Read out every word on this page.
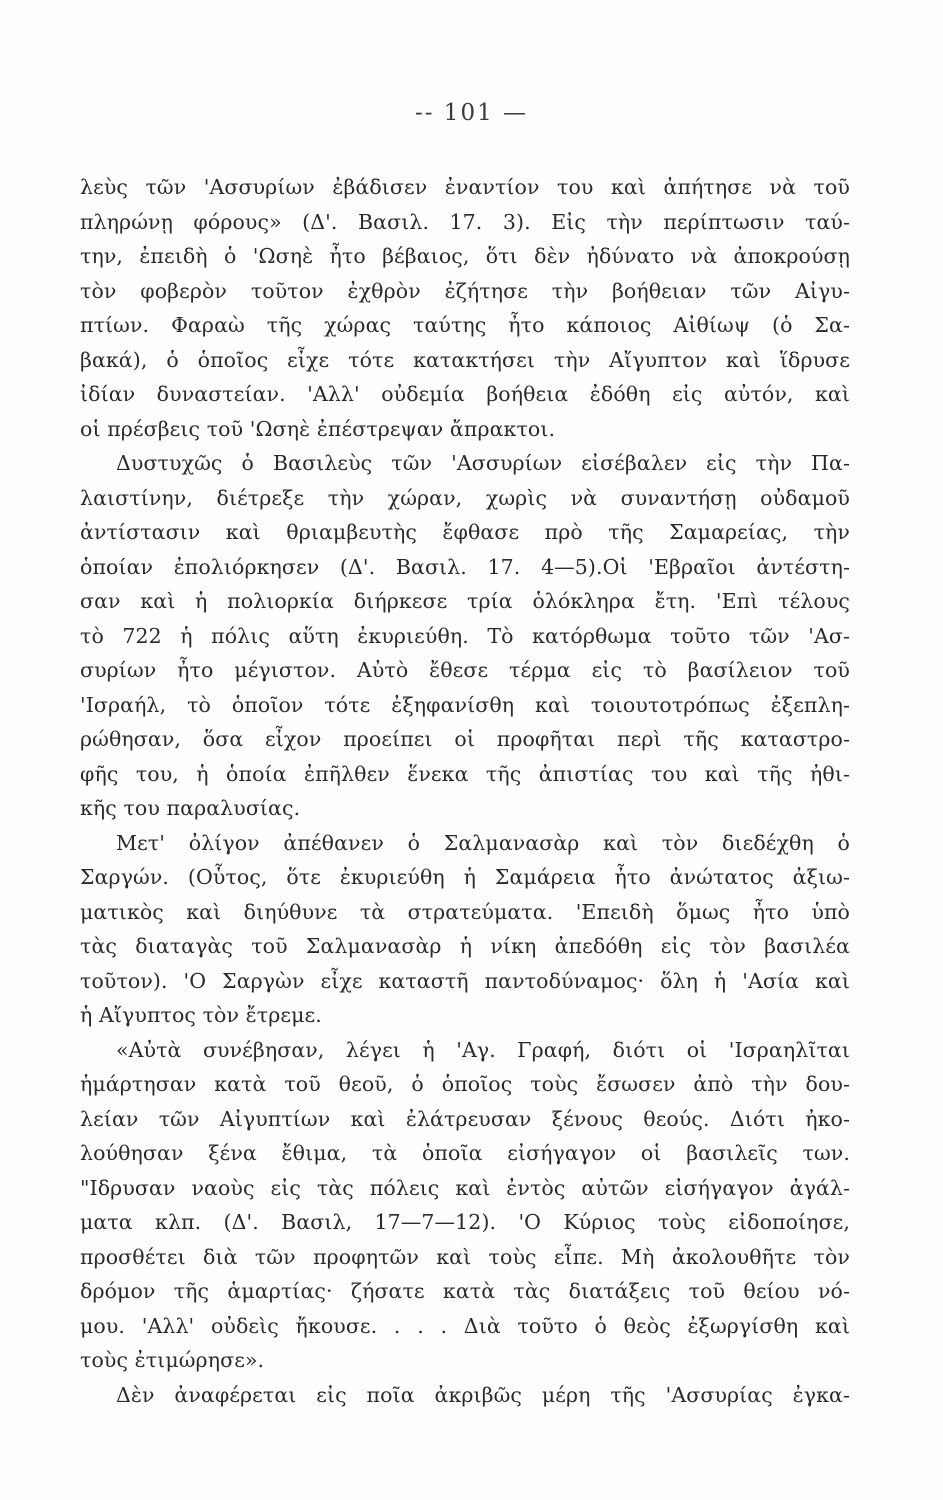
-- 101 —
λεὺς τῶν 'Ασσυρίων ἐβάδισεν ἐναντίον του καὶ ἀπήτησε νὰ τοῦ
πληρώνῃ φόρους» (Δ'. Βασιλ. 17. 3). Εἰς τὴν περίπτωσιν ταύ-
την, ἐπειδὴ ὁ 'Ωσηὲ ἦτο βέβαιος, ὅτι δὲν ἠδύνατο νὰ ἀποκρούσῃ
τὸν φοβερὸν τοῦτον ἐχθρὸν ἐζήτησε τὴν βοήθειαν τῶν Αἰγυ-
πτίων. Φαραὼ τῆς χώρας ταύτης ἦτο κάποιος Αἰθίωψ (ὁ Σα-
βακά), ὁ ὁποῖος εἶχε τότε κατακτήσει τὴν Αἴγυπτον καὶ ἵδρυσε
ἰδίαν δυναστείαν. 'Αλλ' οὐδεμία βοήθεια ἐδόθη εἰς αὐτόν, καὶ
οἱ πρέσβεις τοῦ 'Ωσηὲ ἐπέστρεψαν ἄπρακτοι.
Δυστυχῶς ὁ Βασιλεὺς τῶν 'Ασσυρίων εἰσέβαλεν εἰς τὴν Πα-
λαιστίνην, διέτρεξε τὴν χώραν, χωρὶς νὰ συναντήσῃ οὐδαμοῦ
ἀντίστασιν καὶ θριαμβευτὴς ἔφθασε πρὸ τῆς Σαμαρείας, τὴν
ὁποίαν ἐπολιόρκησεν (Δ'. Βασιλ. 17. 4—5).Οἱ 'Εβραῖοι ἀντέστη-
σαν καὶ ἡ πολιορκία διήρκεσε τρία ὁλόκληρα ἔτη. 'Επὶ τέλους
τὸ 722 ἡ πόλις αὕτη ἐκυριεύθη. Τὸ κατόρθωμα τοῦτο τῶν 'Ασ-
συρίων ἦτο μέγιστον. Αὐτὸ ἔθεσε τέρμα εἰς τὸ βασίλειον τοῦ
'Ισραήλ, τὸ ὁποῖον τότε ἐξηφανίσθη καὶ τοιουτοτρόπως ἐξεπλη-
ρώθησαν, ὅσα εἶχον προείπει οἱ προφῆται περὶ τῆς καταστρο-
φῆς του, ἡ ὁποία ἐπῆλθεν ἕνεκα τῆς ἀπιστίας του καὶ τῆς ἠθι-
κῆς του παραλυσίας.
Μετ' ὀλίγον ἀπέθανεν ὁ Σαλμανασὰρ καὶ τὸν διεδέχθη ὁ
Σαργών. (Οὗτος, ὅτε ἐκυριεύθη ἡ Σαμάρεια ἦτο ἀνώτατος ἀξιω-
ματικὸς καὶ διηύθυνε τὰ στρατεύματα. 'Επειδὴ ὅμως ἦτο ὑπὸ
τὰς διαταγὰς τοῦ Σαλμανασὰρ ἡ νίκη ἀπεδόθη εἰς τὸν βασιλέα
τοῦτον). 'Ο Σαργὼν εἶχε καταστῆ παντοδύναμος· ὅλη ἡ 'Ασία καὶ
ἡ Αἴγυπτος τὸν ἔτρεμε.
«Αὐτὰ συνέβησαν, λέγει ἡ 'Αγ. Γραφή, διότι οἱ 'Ισραηλῖται
ἡμάρτησαν κατὰ τοῦ θεοῦ, ὁ ὁποῖος τοὺς ἔσωσεν ἀπὸ τὴν δου-
λείαν τῶν Αἰγυπτίων καὶ ἐλάτρευσαν ξένους θεούς. Διότι ἠκο-
λούθησαν ξένα ἔθιμα, τὰ ὁποῖα εἰσήγαγον οἱ βασιλεῖς των.
"Ιδρυσαν ναοὺς εἰς τὰς πόλεις καὶ ἐντὸς αὐτῶν εἰσήγαγον ἀγάλ-
ματα κλπ. (Δ'. Βασιλ, 17—7—12). 'Ο Κύριος τοὺς εἰδοποίησε,
προσθέτει διὰ τῶν προφητῶν καὶ τοὺς εἶπε. Μὴ ἀκολουθῆτε τὸν
δρόμον τῆς ἁμαρτίας· ζήσατε κατὰ τὰς διατάξεις τοῦ θείου νό-
μου. 'Αλλ' οὐδεὶς ἤκουσε. . . . Διὰ τοῦτο ὁ θεὸς ἐξωργίσθη καὶ
τοὺς ἐτιμώρησε».
Δὲν ἀναφέρεται εἰς ποῖα ἀκριβῶς μέρη τῆς 'Ασσυρίας ἐγκα-
